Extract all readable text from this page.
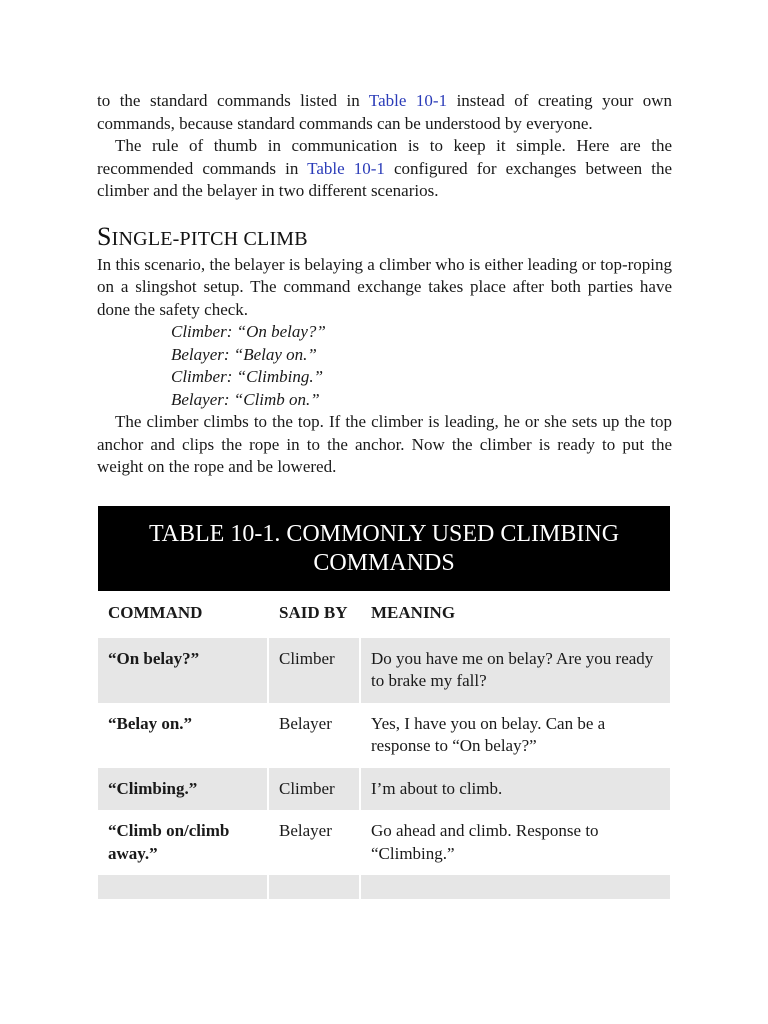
to the standard commands listed in Table 10-1 instead of creating your own commands, because standard commands can be understood by everyone.

The rule of thumb in communication is to keep it simple. Here are the recommended commands in Table 10-1 configured for exchanges between the climber and the belayer in two different scenarios.

SINGLE-PITCH CLIMB

In this scenario, the belayer is belaying a climber who is either leading or top-roping on a slingshot setup. The command exchange takes place after both parties have done the safety check.

Climber: “On belay?”
Belayer: “Belay on.”
Climber: “Climbing.”
Belayer: “Climb on.”

The climber climbs to the top. If the climber is leading, he or she sets up the top anchor and clips the rope in to the anchor. Now the climber is ready to put the weight on the rope and be lowered.

TABLE 10-1. COMMONLY USED CLIMBING COMMANDS
COMMAND	SAID BY	MEANING
“On belay?”	Climber	Do you have me on belay? Are you ready to brake my fall?
“Belay on.”	Belayer	Yes, I have you on belay. Can be a response to “On belay?”
“Climbing.”	Climber	I’m about to climb.
“Climb on/climb away.”	Belayer	Go ahead and climb. Response to “Climbing.”
